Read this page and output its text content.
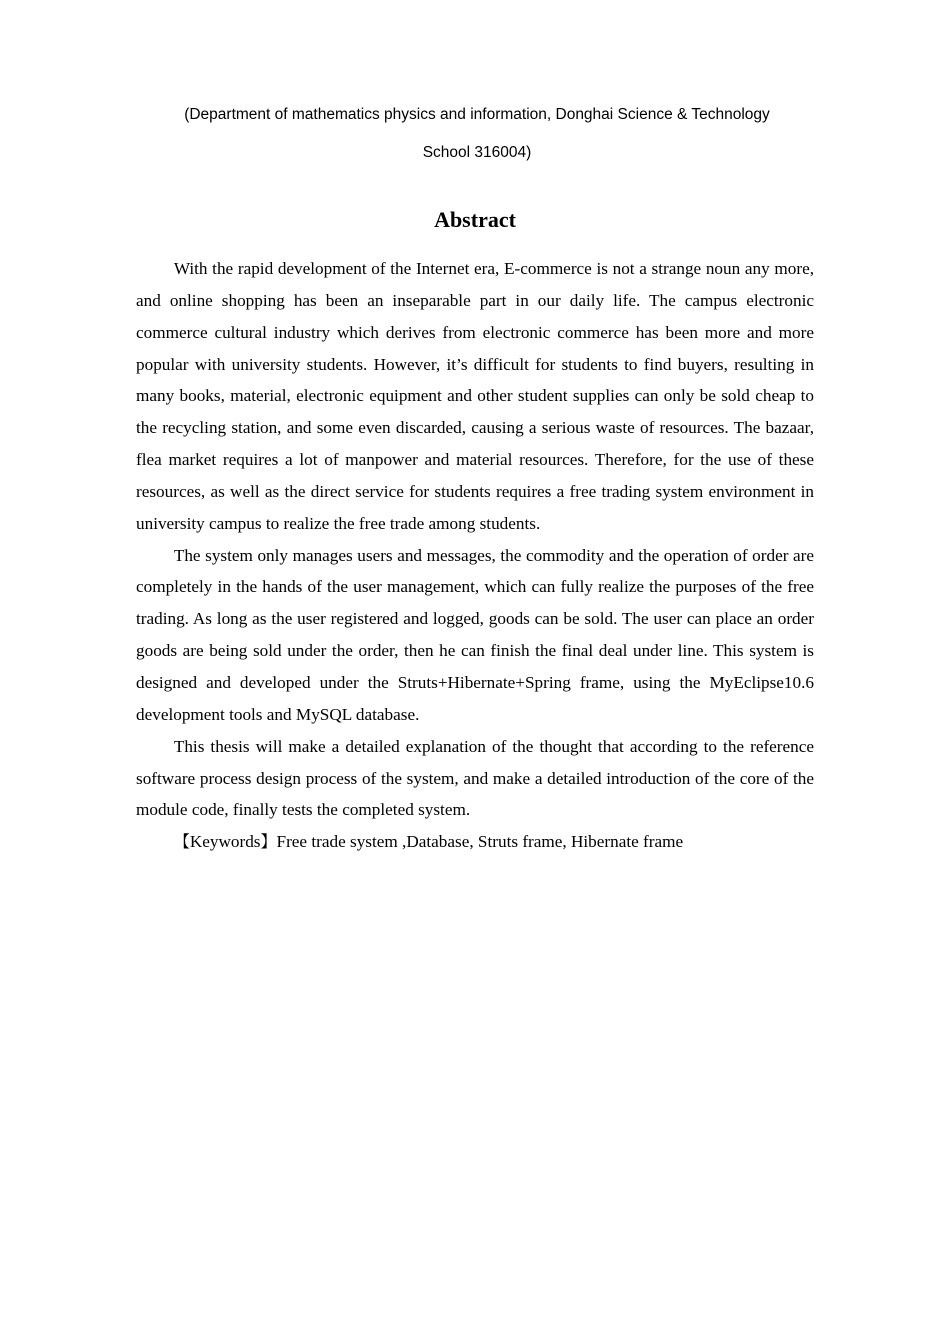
(Department of mathematics physics and information, Donghai Science & Technology
School 316004)
Abstract

With the rapid development of the Internet era, E-commerce is not a strange noun any more, and online shopping has been an inseparable part in our daily life. The campus electronic commerce cultural industry which derives from electronic commerce has been more and more popular with university students. However, it’s difficult for students to find buyers, resulting in many books, material, electronic equipment and other student supplies can only be sold cheap to the recycling station, and some even discarded, causing a serious waste of resources. The bazaar, flea market requires a lot of manpower and material resources. Therefore, for the use of these resources, as well as the direct service for students requires a free trading system environment in university campus to realize the free trade among students.

The system only manages users and messages, the commodity and the operation of order are completely in the hands of the user management, which can fully realize the purposes of the free trading. As long as the user registered and logged, goods can be sold. The user can place an order goods are being sold under the order, then he can finish the final deal under line. This system is designed and developed under the Struts+Hibernate+Spring frame, using the MyEclipse10.6 development tools and MySQL database.

This thesis will make a detailed explanation of the thought that according to the reference software process design process of the system, and make a detailed introduction of the core of the module code, finally tests the completed system.

【Keywords】Free trade system ,Database, Struts frame, Hibernate frame
